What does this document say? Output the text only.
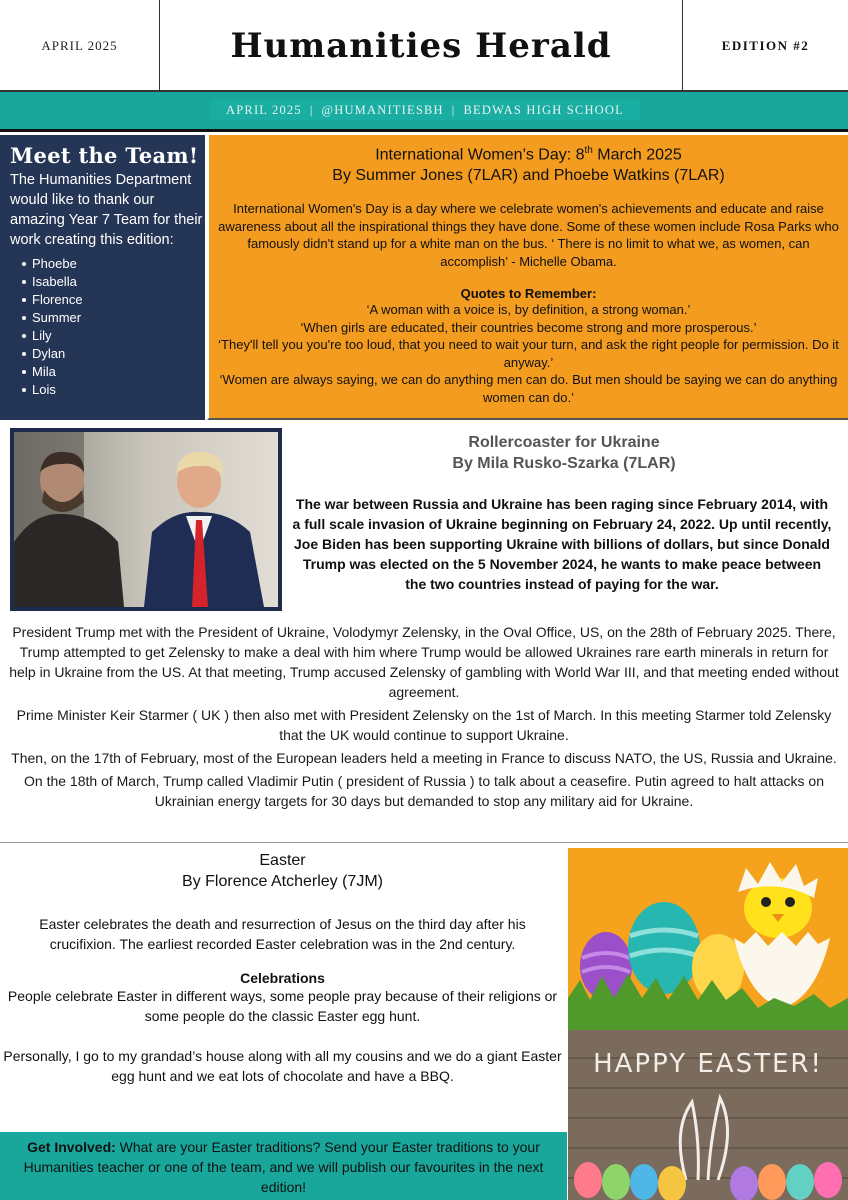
APRIL 2025	Humanities Herald	EDITION #2
APRIL 2025 | @HUMANITIESBH | BEDWAS HIGH SCHOOL
Meet the Team!

The Humanities Department would like to thank our amazing Year 7 Team for their work creating this edition:

Phoebe
Isabella
Florence
Summer
Lily
Dylan
Mila
Lois
International Women’s Day: 8th March 2025
By Summer Jones (7LAR) and Phoebe Watkins (7LAR)

International Women's Day is a day where we celebrate women's achievements and educate and raise awareness about all the inspirational things they have done. Some of these women include Rosa Parks who famously didn't stand up for a white man on the bus. ‘ There is no limit to what we, as women, can accomplish’ - Michelle Obama.

Quotes to Remember:

‘A woman with a voice is, by definition, a strong woman.’

‘When girls are educated, their countries become strong and more prosperous.’

‘They'll tell you you're too loud, that you need to wait your turn, and ask the right people for permission. Do it anyway.’

‘Women are always saying, we can do anything men can do. But men should be saying we can do anything women can do.’

Rollercoaster for Ukraine
By Mila Rusko-Szarka (7LAR)

The war between Russia and Ukraine has been raging since February 2014, with a full scale invasion of Ukraine beginning on February 24, 2022. Up until recently, Joe Biden has been supporting Ukraine with billions of dollars, but since Donald Trump was elected on the 5 November 2024, he wants to make peace between the two countries instead of paying for the war.

President Trump met with the President of Ukraine, Volodymyr Zelensky, in the Oval Office, US, on the 28th of February 2025. There, Trump attempted to get Zelensky to make a deal with him where Trump would be allowed Ukraines rare earth minerals in return for help in Ukraine from the US. At that meeting, Trump accused Zelensky of gambling with World War III, and that meeting ended without agreement.

Prime Minister Keir Starmer ( UK ) then also met with President Zelensky on the 1st of March. In this meeting Starmer told Zelensky that the UK would continue to support Ukraine.

Then, on the 17th of February, most of the European leaders held a meeting in France to discuss NATO, the US, Russia and Ukraine.

On the 18th of March, Trump called Vladimir Putin ( president of Russia ) to talk about a ceasefire. Putin agreed to halt attacks on Ukrainian energy targets for 30 days but demanded to stop any military aid for Ukraine.

Easter
By Florence Atcherley (7JM)

Easter celebrates the death and resurrection of Jesus on the third day after his crucifixion. The earliest recorded Easter celebration was in the 2nd century.

Celebrations

People celebrate Easter in different ways, some people pray because of their religions or some people do the classic Easter egg hunt.

Personally, I go to my grandad’s house along with all my cousins and we do a giant Easter egg hunt and we eat lots of chocolate and have a BBQ.	HAPPY EASTER!
Get Involved: What are your Easter traditions? Send your Easter traditions to your Humanities teacher or one of the team, and we will publish our favourites in the next edition!
